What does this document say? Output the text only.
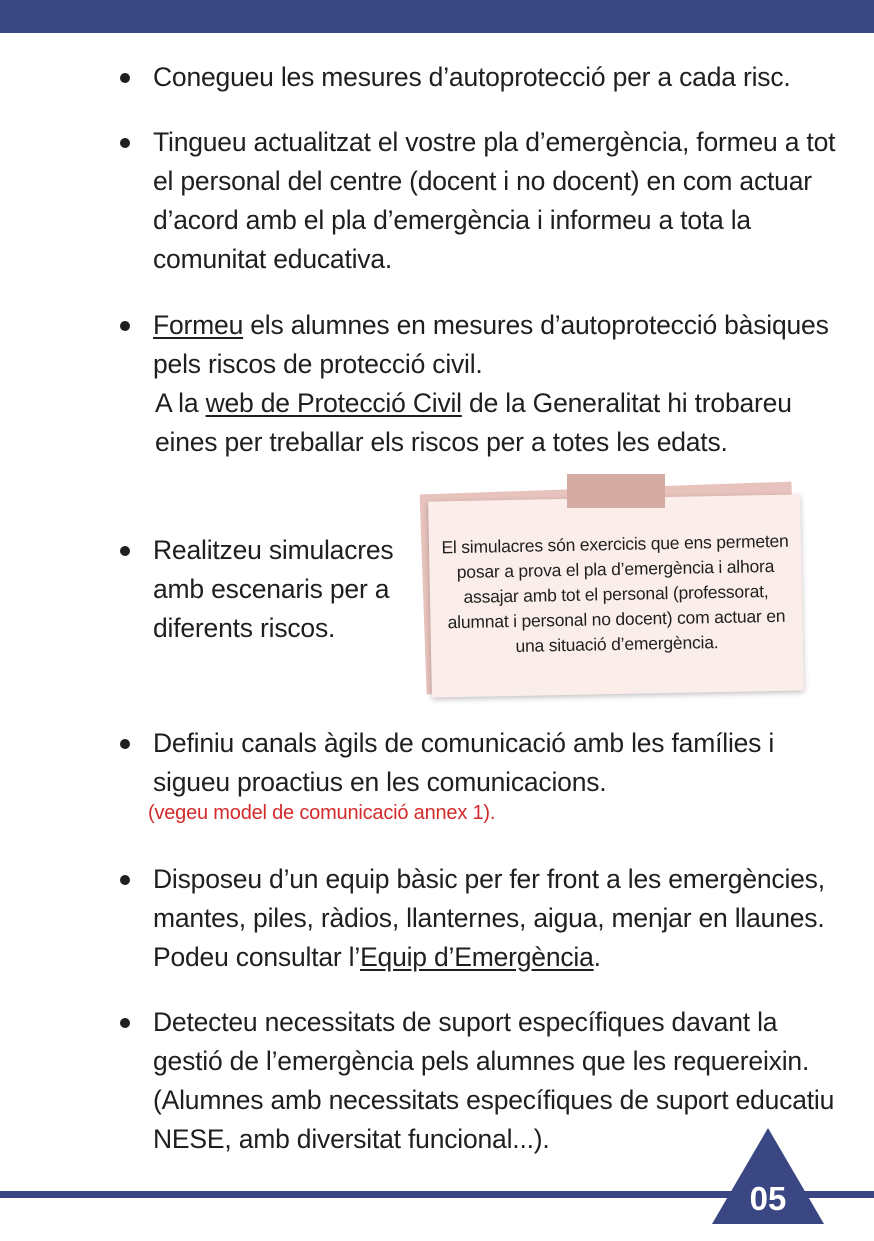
Conegueu les mesures d’autoprotecció per a cada risc.
Tingueu actualitzat el vostre pla d’emergència, formeu a tot
el personal del centre (docent i no docent) en com actuar
d’acord amb el pla d’emergència i informeu a tota la
comunitat educativa.
Formeu els alumnes en mesures d’autoprotecció bàsiques
pels riscos de protecció civil.
A la web de Protecció Civil de la Generalitat hi trobareu
eines per treballar els riscos per a totes les edats.
El simulacres són exercicis que ens permeten
posar a prova el pla d’emergència i alhora
assajar amb tot el personal (professorat,
alumnat i personal no docent) com actuar en
una situació d’emergència.
Realitzeu simulacres
amb escenaris per a
diferents riscos.
Definiu canals àgils de comunicació amb les famílies i
sigueu proactius en les comunicacions.
(vegeu model de comunicació annex 1).
Disposeu d’un equip bàsic per fer front a les emergències,
mantes, piles, ràdios, llanternes, aigua, menjar en llaunes.
Podeu consultar l’Equip d’Emergència.
Detecteu necessitats de suport específiques davant la
gestió de l’emergència pels alumnes que les requereixin.
(Alumnes amb necessitats específiques de suport educatiu
NESE, amb diversitat funcional...).
05
